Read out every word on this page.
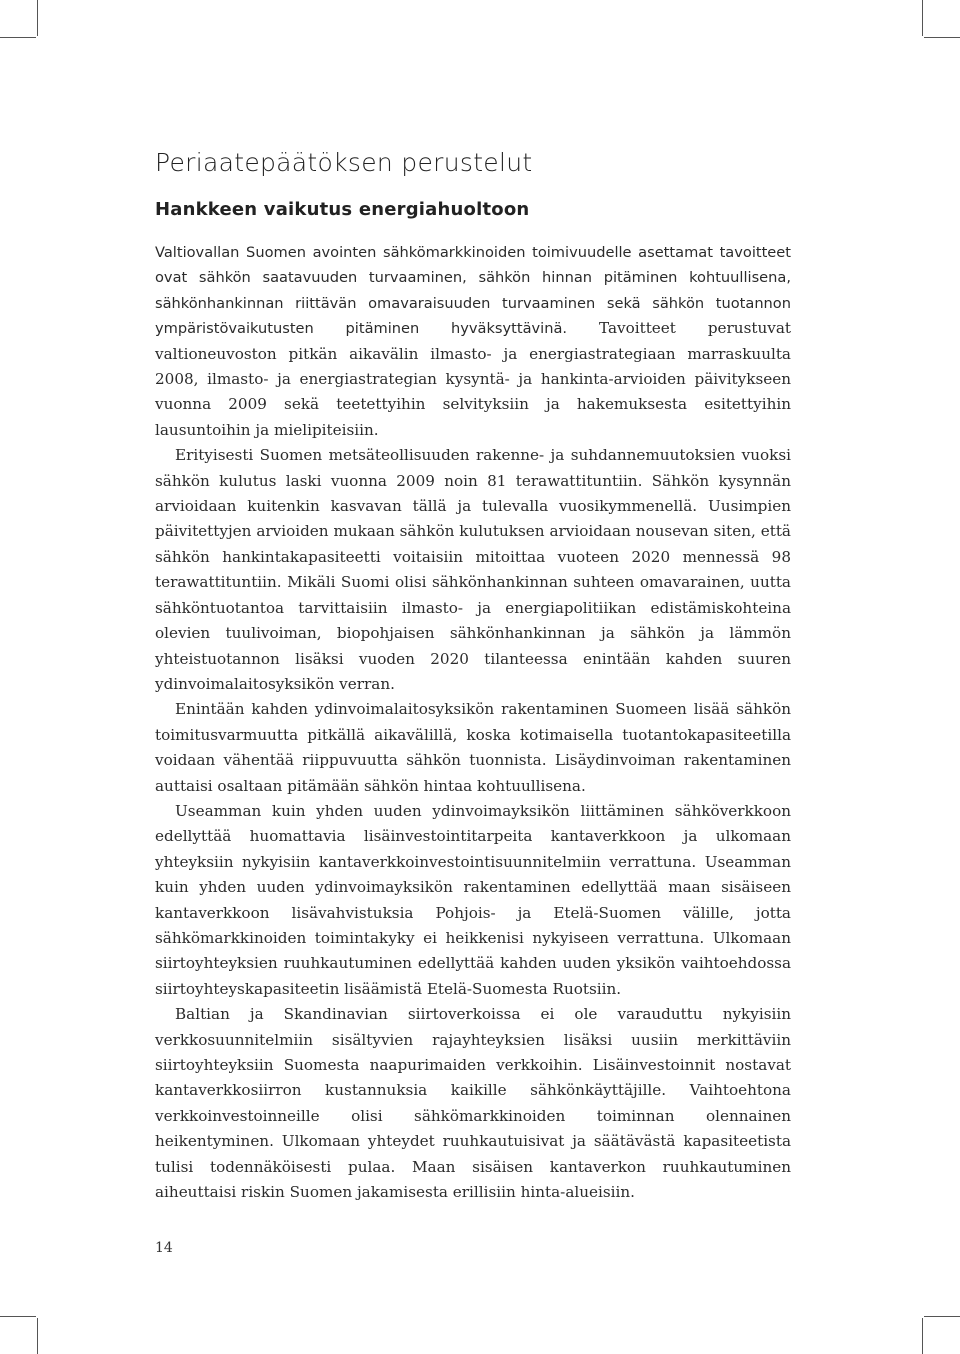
Periaatepäätöksen perustelut
Hankkeen vaikutus energiahuoltoon

Valtiovallan Suomen avointen sähkömarkkinoiden toimivuudelle asettamat tavoitteet ovat sähkön saatavuuden turvaaminen, sähkön hinnan pitäminen kohtuullisena, sähkönhankinnan riittävän omavaraisuuden turvaaminen sekä sähkön tuotannon ympäristövaikutusten pitäminen hyväksyttävinä. Tavoitteet perustuvat valtioneuvoston pitkän aikavälin ilmasto- ja energiastrategiaan marraskuulta 2008, ilmasto- ja energiastrategian kysyntä- ja hankinta-arvioiden päivitykseen vuonna 2009 sekä teetettyihin selvityksiin ja hakemuksesta esitettyihin lausuntoihin ja mielipiteisiin.

Erityisesti Suomen metsäteollisuuden rakenne- ja suhdannemuutoksien vuoksi sähkön kulutus laski vuonna 2009 noin 81 terawattituntiin. Sähkön kysynnän arvioidaan kuitenkin kasvavan tällä ja tulevalla vuosikymmenellä. Uusimpien päivitettyjen arvioiden mukaan sähkön kulutuksen arvioidaan nousevan siten, että sähkön hankintakapasiteetti voitaisiin mitoittaa vuoteen 2020 mennessä 98 terawattituntiin. Mikäli Suomi olisi sähkönhankinnan suhteen omavarainen, uutta sähköntuotantoa tarvittaisiin ilmasto- ja energiapolitiikan edistämiskohteina olevien tuulivoiman, biopohjaisen sähkönhankinnan ja sähkön ja lämmön yhteistuotannon lisäksi vuoden 2020 tilanteessa enintään kahden suuren ydinvoimalaitosyksikön verran.

Enintään kahden ydinvoimalaitosyksikön rakentaminen Suomeen lisää sähkön toimitusvarmuutta pitkällä aikavälillä, koska kotimaisella tuotantokapasiteetilla voidaan vähentää riippuvuutta sähkön tuonnista. Lisäydinvoiman rakentaminen auttaisi osaltaan pitämään sähkön hintaa kohtuullisena.

Useamman kuin yhden uuden ydinvoimayksikön liittäminen sähköverkkoon edellyttää huomattavia lisäinvestointitarpeita kantaverkkoon ja ulkomaan yhteyksiin nykyisiin kantaverkkoinvestointisuunnitelmiin verrattuna. Useamman kuin yhden uuden ydinvoimayksikön rakentaminen edellyttää maan sisäiseen kantaverkkoon lisävahvistuksia Pohjois- ja Etelä-Suomen välille, jotta sähkömarkkinoiden toimintakyky ei heikkenisi nykyiseen verrattuna. Ulkomaan siirtoyhteyksien ruuhkautuminen edellyttää kahden uuden yksikön vaihtoehdossa siirtoyhteyskapasiteetin lisäämistä Etelä-Suomesta Ruotsiin.

Baltian ja Skandinavian siirtoverkoissa ei ole varauduttu nykyisiin verkkosuunnitelmiin sisältyvien rajayhteyksien lisäksi uusiin merkittäviin siirtoyhteyksiin Suomesta naapurimaiden verkkoihin. Lisäinvestoinnit nostavat kantaverkkosiirron kustannuksia kaikille sähkönkäyttäjille. Vaihtoehtona verkkoinvestoinneille olisi sähkömarkkinoiden toiminnan olennainen heikentyminen. Ulkomaan yhteydet ruuhkautuisivat ja säätävästä kapasiteetista tulisi todennäköisesti pulaa. Maan sisäisen kantaverkon ruuhkautuminen aiheuttaisi riskin Suomen jakamisesta erillisiin hinta-alueisiin.

14
